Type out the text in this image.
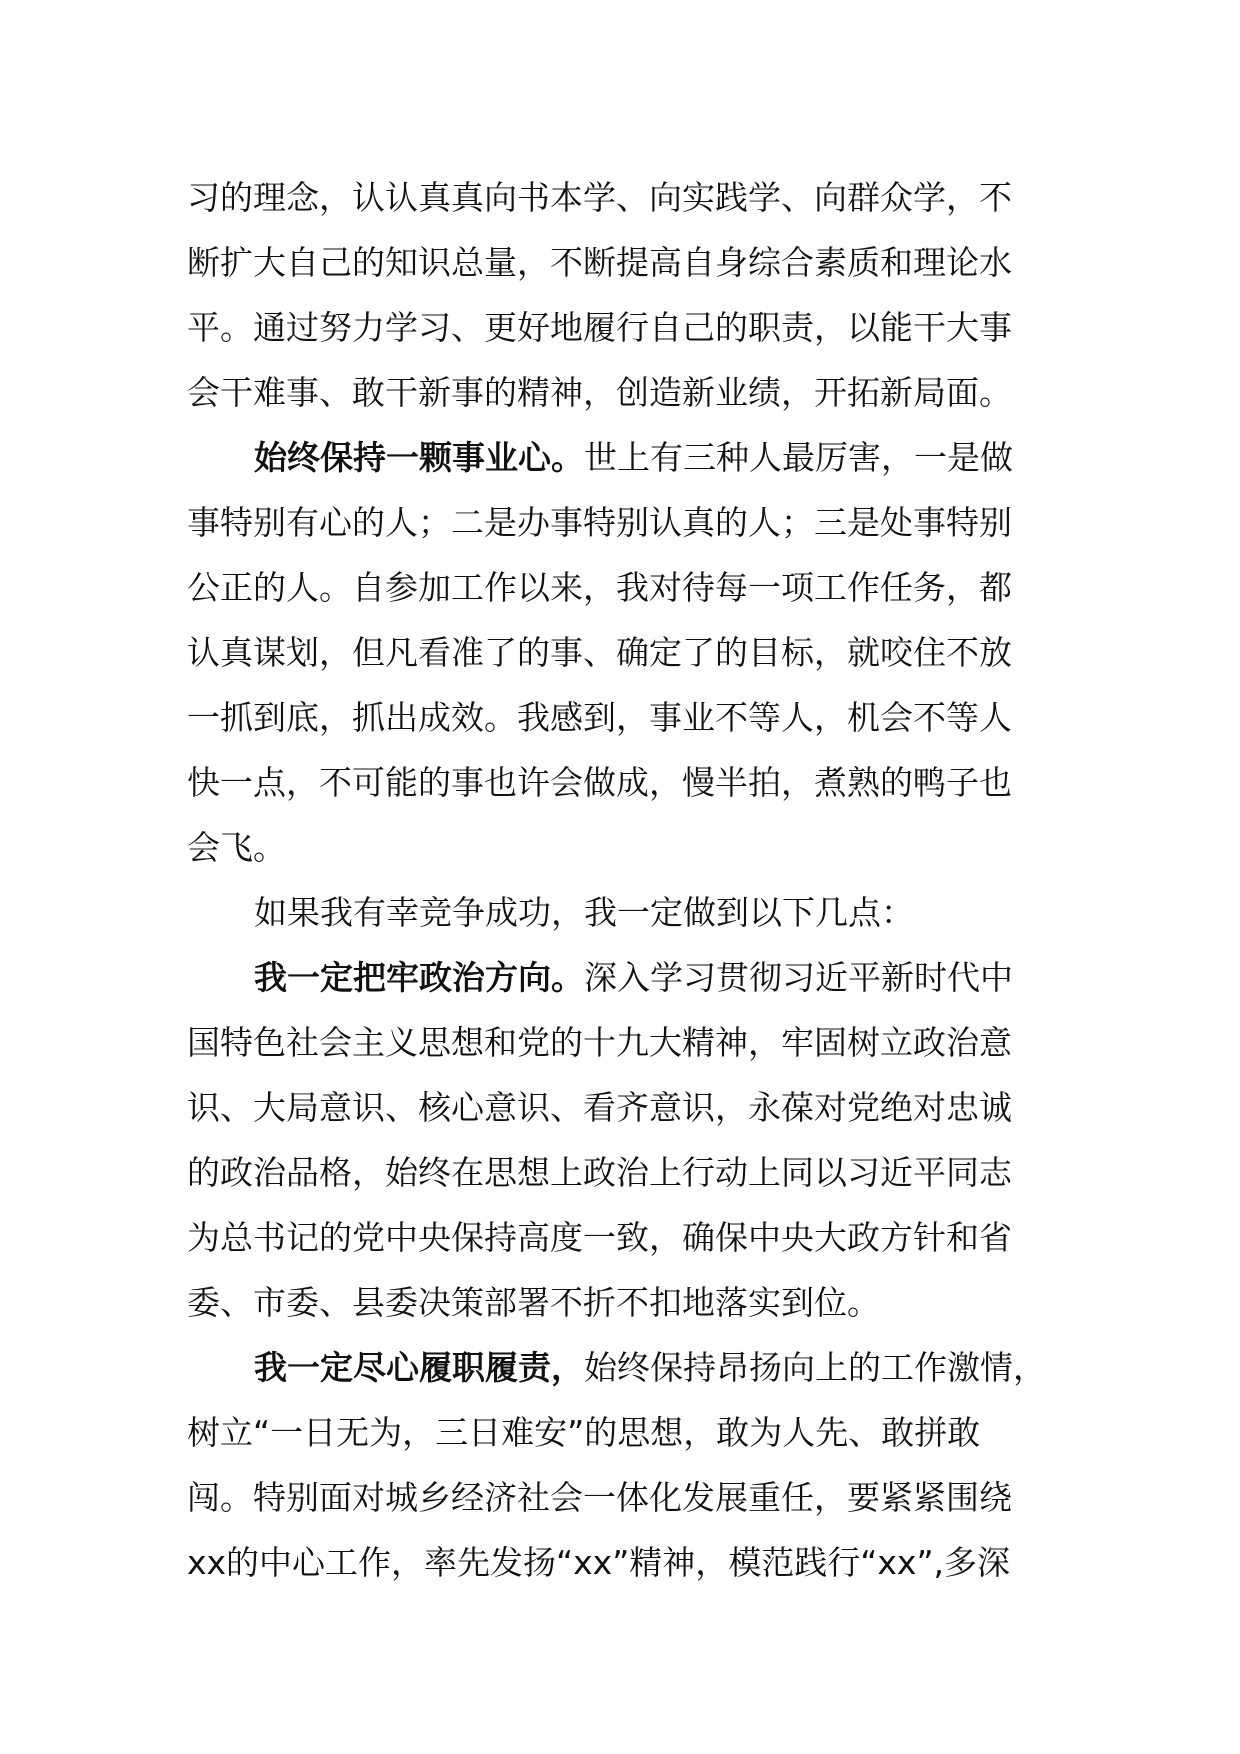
习的理念，认认真真向书本学、向实践学、向群众学，不
断扩大自己的知识总量，不断提高自身综合素质和理论水
平。通过努力学习、更好地履行自己的职责，以能干大事
会干难事、敢干新事的精神，创造新业绩，开拓新局面。
始终保持一颗事业心。世上有三种人最厉害，一是做
事特别有心的人；二是办事特别认真的人；三是处事特别
公正的人。自参加工作以来，我对待每一项工作任务，都
认真谋划，但凡看准了的事、确定了的目标，就咬住不放
一抓到底，抓出成效。我感到，事业不等人，机会不等人
快一点，不可能的事也许会做成，慢半拍，煮熟的鸭子也
会飞。
如果我有幸竞争成功，我一定做到以下几点：
我一定把牢政治方向。深入学习贯彻习近平新时代中
国特色社会主义思想和党的十九大精神，牢固树立政治意
识、大局意识、核心意识、看齐意识，永葆对党绝对忠诚
的政治品格，始终在思想上政治上行动上同以习近平同志
为总书记的党中央保持高度一致，确保中央大政方针和省
委、市委、县委决策部署不折不扣地落实到位。
我一定尽心履职履责，始终保持昂扬向上的工作激情，
树立“一日无为，三日难安”的思想，敢为人先、敢拼敢
闯。特别面对城乡经济社会一体化发展重任，要紧紧围绕
xx的中心工作，率先发扬“xx”精神，模范践行“xx”,多深
